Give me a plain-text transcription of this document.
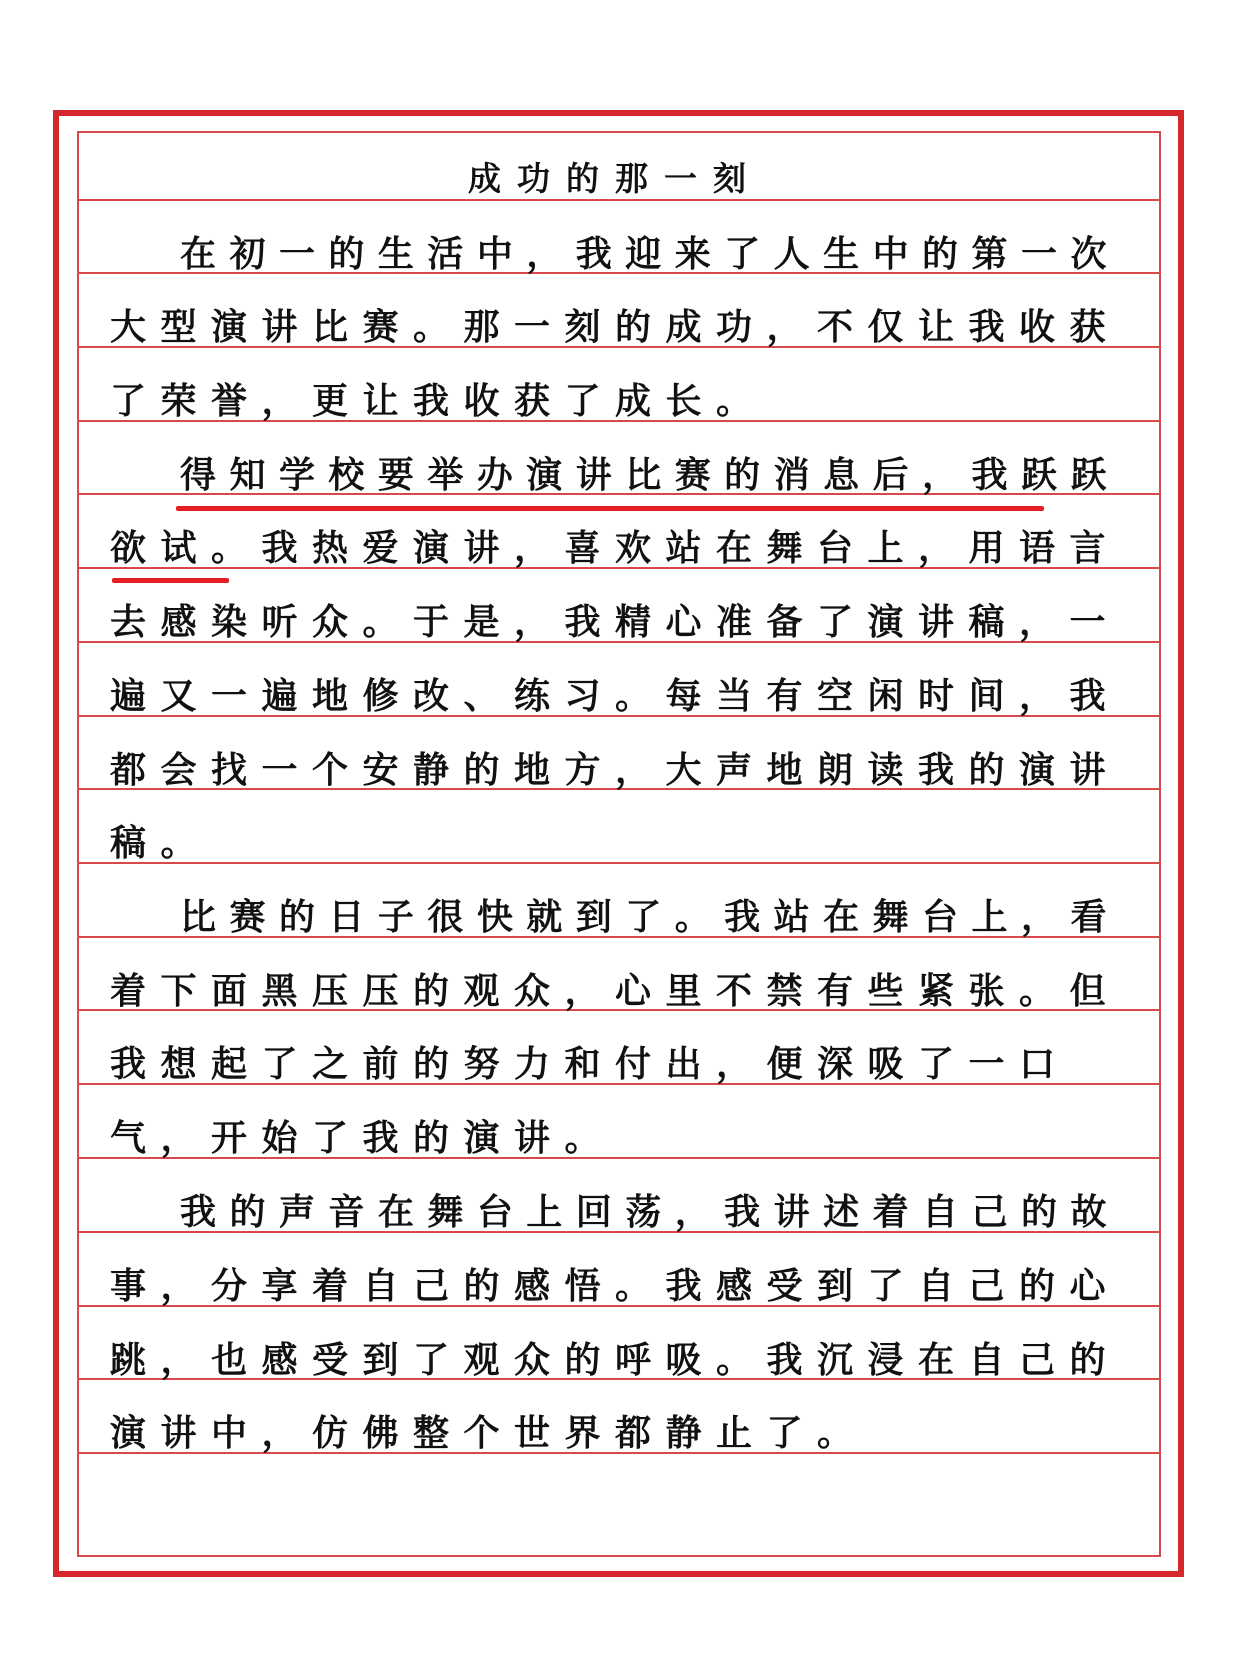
成功的那一刻
在 初 一 的 生 活 中 ， 我 迎 来 了 人 生 中 的 第 一 次
大 型 演 讲 比 赛 。 那 一 刻 的 成 功 ， 不 仅 让 我 收 获
了 荣 誉 ， 更 让 我 收 获 了 成 长 。
得 知 学 校 要 举 办 演 讲 比 赛 的 消 息 后 ， 我 跃 跃
欲 试 。 我 热 爱 演 讲 ， 喜 欢 站 在 舞 台 上 ， 用 语 言
去 感 染 听 众 。 于 是 ， 我 精 心 准 备 了 演 讲 稿 ， 一
遍 又 一 遍 地 修 改 、 练 习 。 每 当 有 空 闲 时 间 ， 我
都 会 找 一 个 安 静 的 地 方 ， 大 声 地 朗 读 我 的 演 讲
稿 。
比 赛 的 日 子 很 快 就 到 了 。 我 站 在 舞 台 上 ， 看
着 下 面 黑 压 压 的 观 众 ， 心 里 不 禁 有 些 紧 张 。 但
我 想 起 了 之 前 的 努 力 和 付 出 ， 便 深 吸 了 一 口
气 ， 开 始 了 我 的 演 讲 。
我 的 声 音 在 舞 台 上 回 荡 ， 我 讲 述 着 自 己 的 故
事 ， 分 享 着 自 己 的 感 悟 。 我 感 受 到 了 自 己 的 心
跳 ， 也 感 受 到 了 观 众 的 呼 吸 。 我 沉 浸 在 自 己 的
演 讲 中 ， 仿 佛 整 个 世 界 都 静 止 了 。
